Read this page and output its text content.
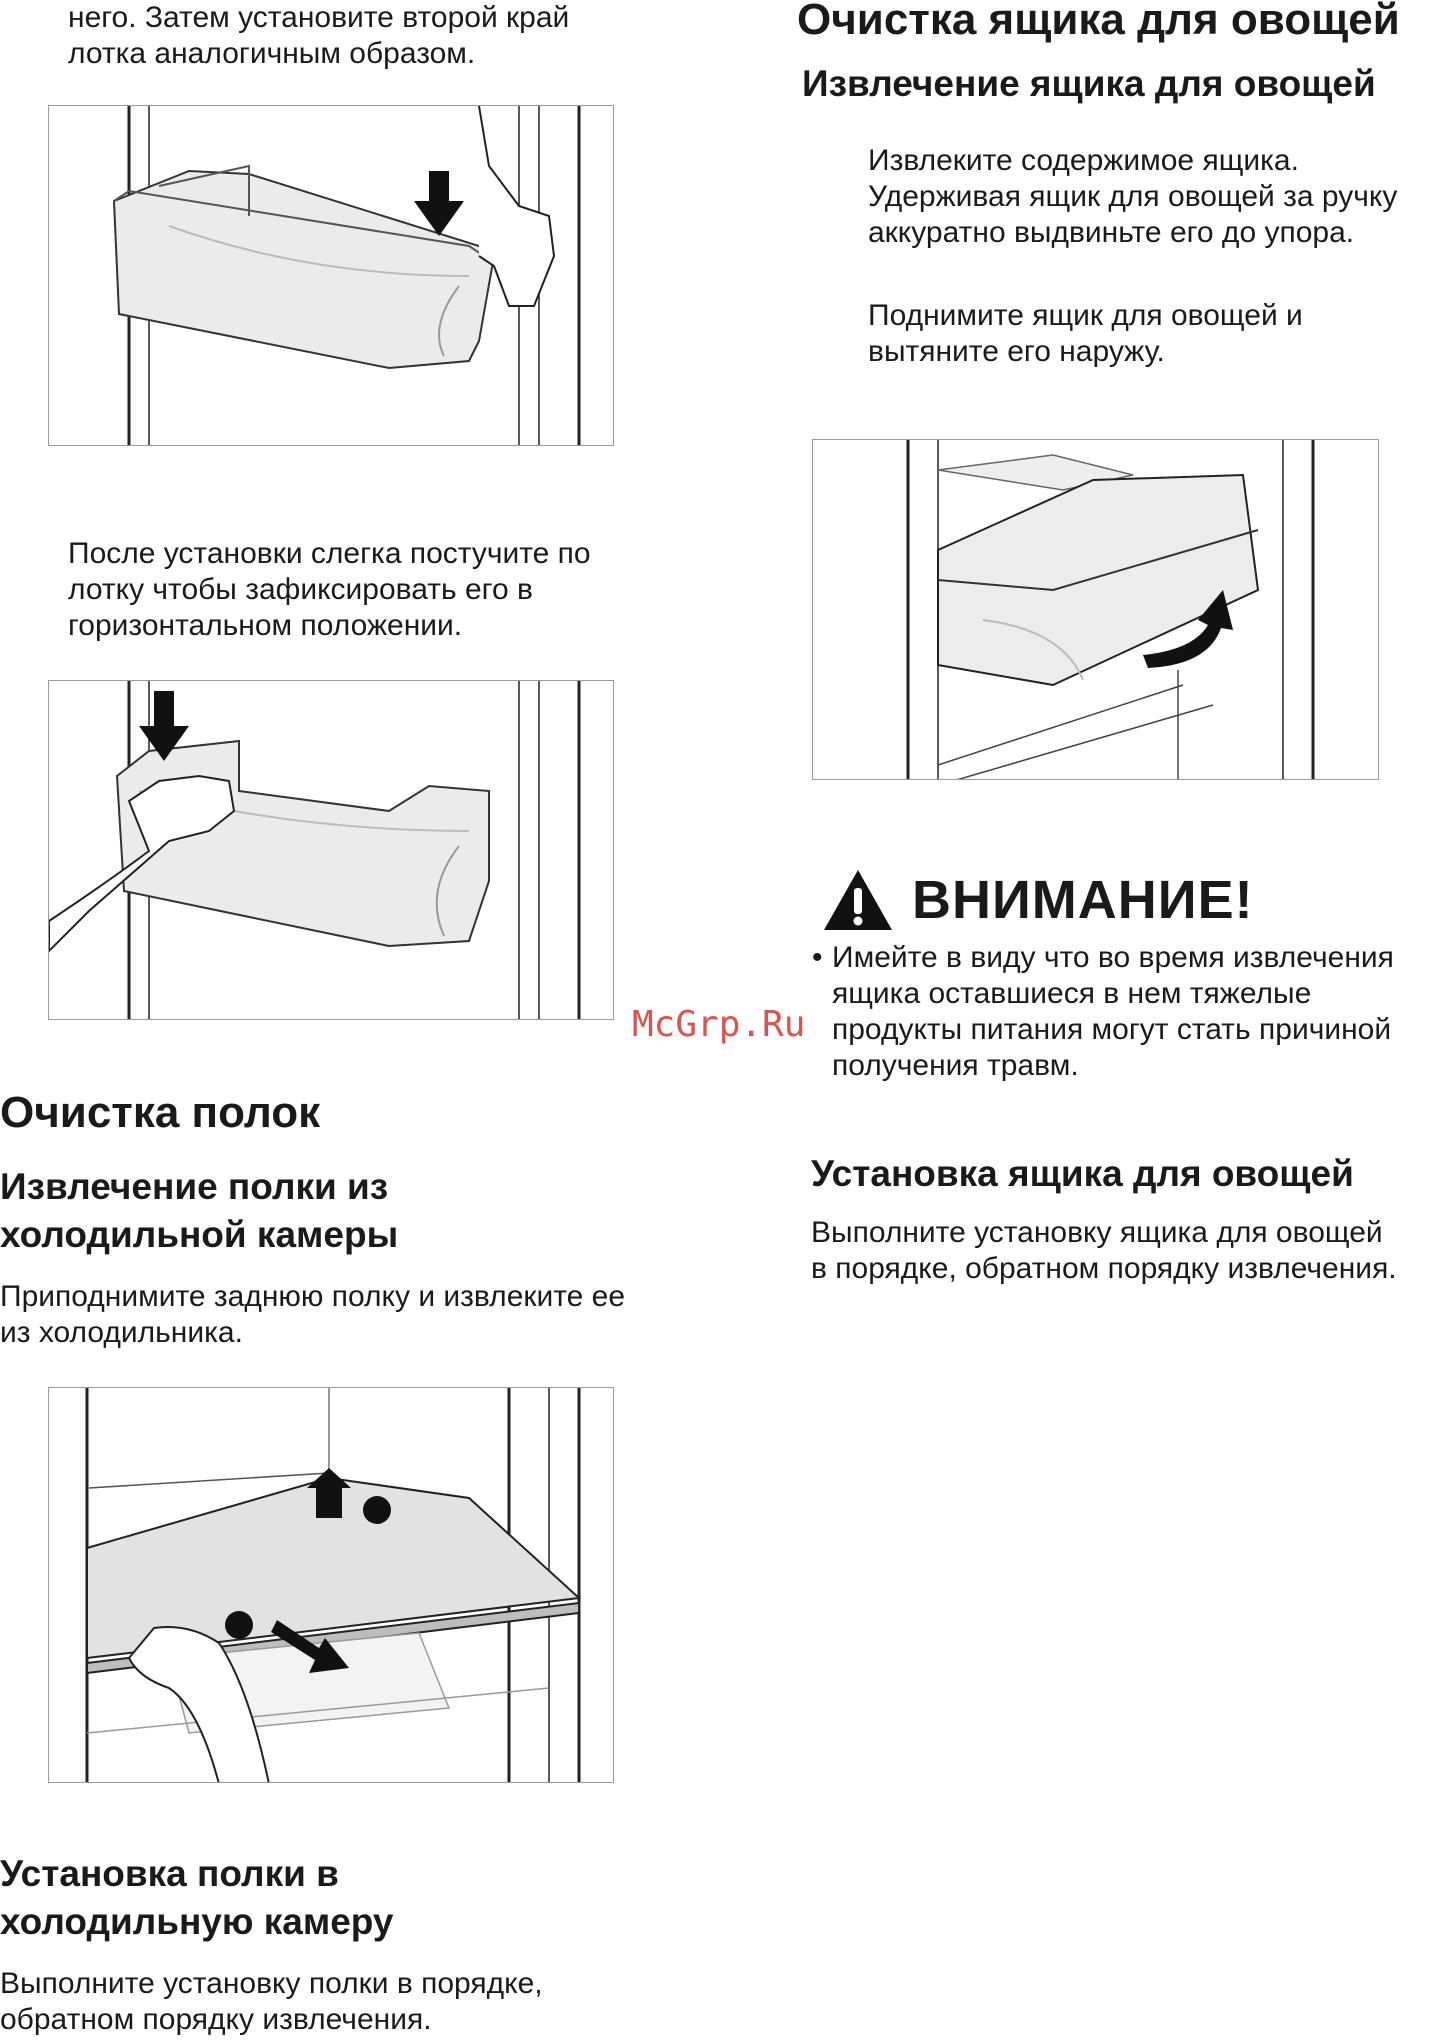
него. Затем установите второй край

лотка аналогичным образом.

После установки слегка постучите по

лотку чтобы зафиксировать его в

горизонтальном положении.

Очистка полок
Извлечение полки из
холодильной камеры

Приподнимите заднюю полку и извлеките ее

из холодильника.

Установка полки в
холодильную камеру

Выполните установку полки в порядке,

обратном порядку извлечения.

Очистка ящика для овощей
Извлечение ящика для овощей

Извлеките содержимое ящика.

Удерживая ящик для овощей за ручку

аккуратно выдвиньте его до упора.

Поднимите ящик для овощей и

вытяните его наружу.

ВНИМАНИЕ!
• Имейте в виду что во время извлечения
ящика оставшиеся в нем тяжелые
продукты питания могут стать причиной
получения травм.
McGrp.Ru
Установка ящика для овощей

Выполните установку ящика для овощей

в порядке, обратном порядку извлечения.
